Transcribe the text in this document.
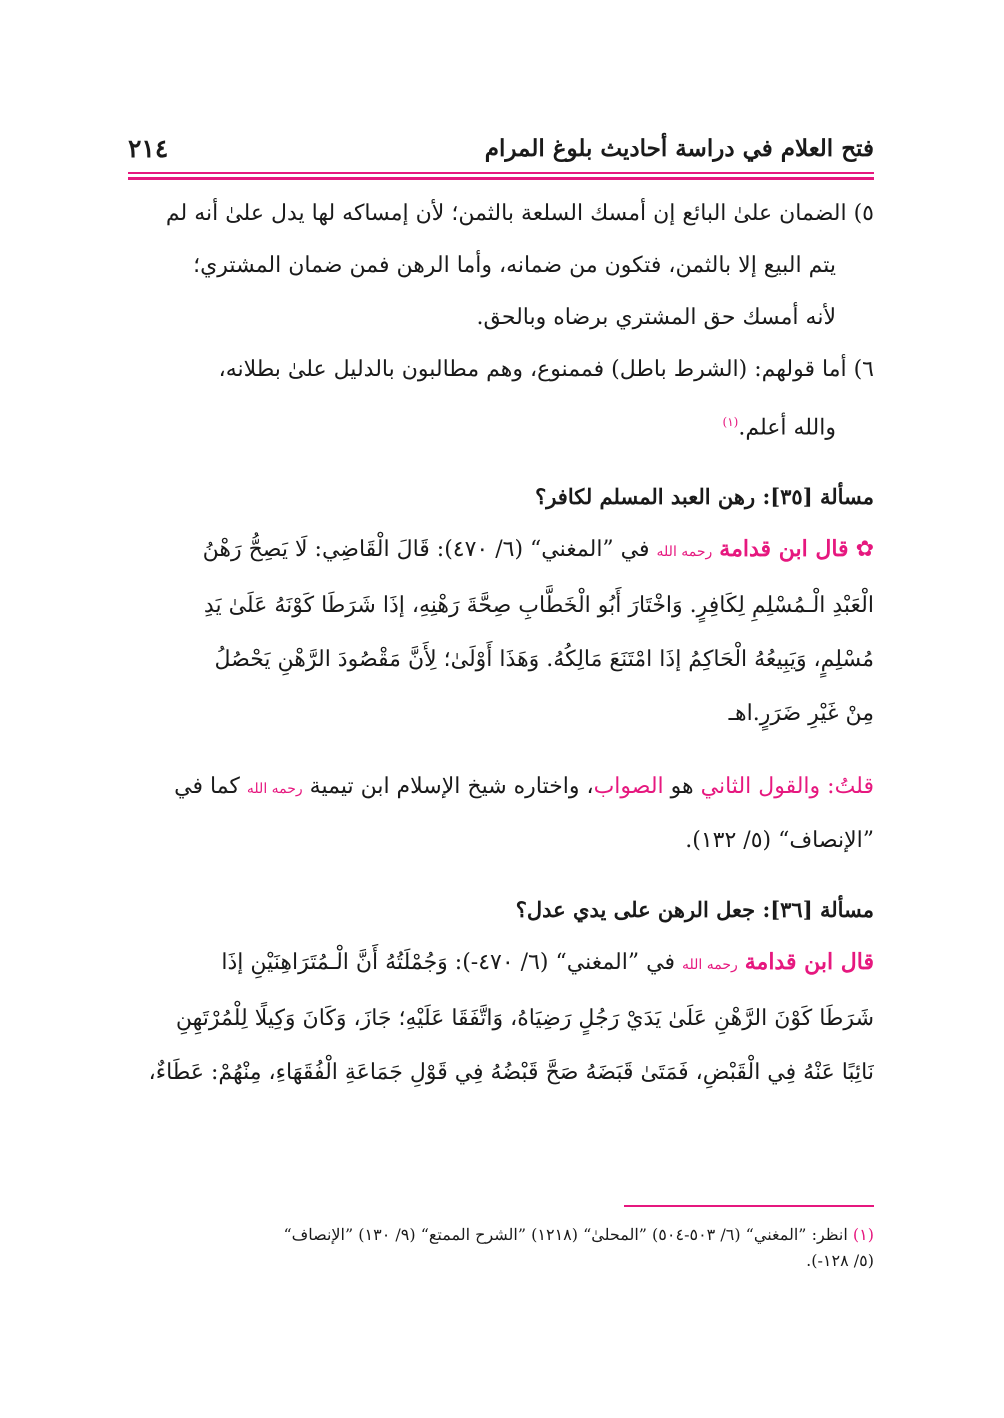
فتح العلام في دراسة أحاديث بلوغ المرام
٢١٤
٥) الضمان علىٰ البائع إن أمسك السلعة بالثمن؛ لأن إمساكه لها يدل علىٰ أنه لم
يتم البيع إلا بالثمن، فتكون من ضمانه، وأما الرهن فمن ضمان المشتري؛
لأنه أمسك حق المشتري برضاه وبالحق.
٦) أما قولهم: (الشرط باطل) فممنوع، وهم مطالبون بالدليل علىٰ بطلانه،
والله أعلم.$^{(١)}$
مسألة [٣٥]: رهن العبد المسلم لكافر؟
✿ قال ابن قدامة رحمه الله في ”المغني“ (٦/ ٤٧٠): قَالَ الْقَاضِي: لَا يَصِحُّ رَهْنُ
الْعَبْدِ الْـمُسْلِمِ لِكَافِرٍ. وَاخْتَارَ أَبُو الْخَطَّابِ صِحَّةَ رَهْنِهِ، إذَا شَرَطَا كَوْنَهُ عَلَىٰ يَدِ
مُسْلِمٍ، وَيَبِيعُهُ الْحَاكِمُ إذَا امْتَنَعَ مَالِكُهُ. وَهَذَا أَوْلَىٰ؛ لِأَنَّ مَقْصُودَ الرَّهْنِ يَحْصُلُ
مِنْ غَيْرِ ضَرَرٍ.اهـ
قلتُ: والقول الثاني هو الصواب، واختاره شيخ الإسلام ابن تيمية رحمه الله كما في
”الإنصاف“ (٥/ ١٣٢).
مسألة [٣٦]: جعل الرهن على يدي عدل؟
قال ابن قدامة رحمه الله في ”المغني“ (٦/ ٤٧٠-): وَجُمْلَتُهُ أَنَّ الْـمُتَرَاهِنَيْنِ إذَا
شَرَطَا كَوْنَ الرَّهْنِ عَلَىٰ يَدَيْ رَجُلٍ رَضِيَاهُ، وَاتَّفَقَا عَلَيْهِ؛ جَازَ، وَكَانَ وَكِيلًا لِلْمُرْتَهِنِ
نَائِبًا عَنْهُ فِي الْقَبْضِ، فَمَتَىٰ قَبَضَهُ صَحَّ قَبْضُهُ فِي قَوْلِ جَمَاعَةِ الْفُقَهَاءِ، مِنْهُمْ: عَطَاءٌ،
(١) انظر: ”المغني“ (٦/ ٥٠٣-٥٠٤) ”المحلىٰ“ (١٢١٨) ”الشرح الممتع“ (٩/ ١٣٠) ”الإنصاف“
(٥/ ١٢٨-).
